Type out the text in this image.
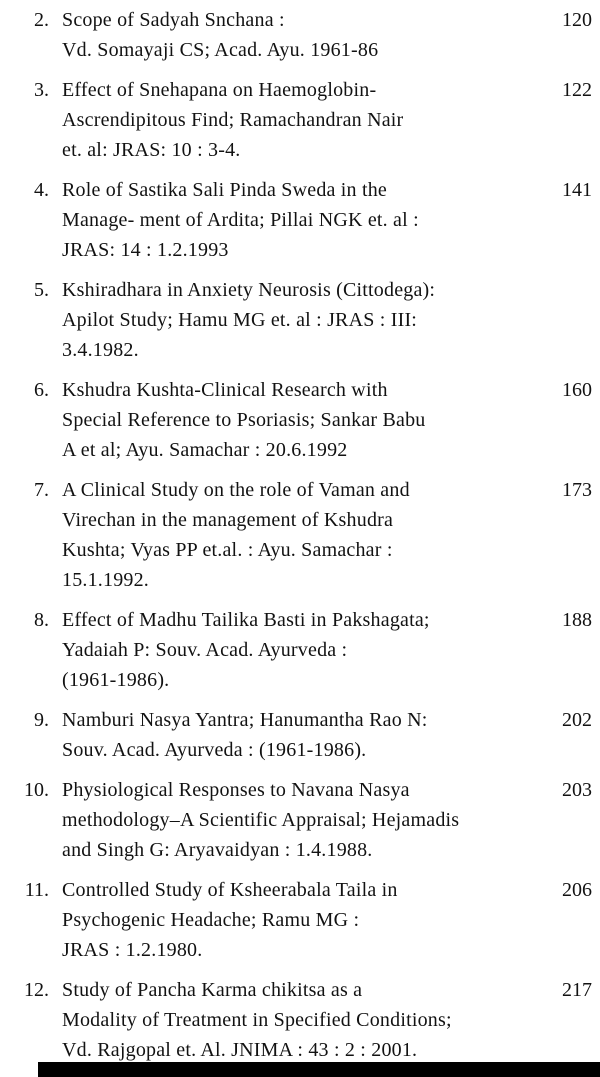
2. Scope of Sadyah Snchana :
Vd. Somayaji CS; Acad. Ayu. 1961-86
120
3. Effect of Snehapana on Haemoglobin-
Ascrendipitous Find; Ramachandran Nair
et. al: JRAS: 10 : 3-4.
122
4. Role of Sastika Sali Pinda Sweda in the
Manage- ment of Ardita; Pillai NGK et. al :
JRAS: 14 : 1.2.1993
141
5. Kshiradhara in Anxiety Neurosis (Cittodega):
Apilot Study; Hamu MG et. al : JRAS : III:
3.4.1982.
6. Kshudra Kushta-Clinical Research with
Special Reference to Psoriasis; Sankar Babu
A et al; Ayu. Samachar : 20.6.1992
160
7. A Clinical Study on the role of Vaman and
Virechan in the management of Kshudra
Kushta; Vyas PP et.al. : Ayu. Samachar :
15.1.1992.
173
8. Effect of Madhu Tailika Basti in Pakshagata;
Yadaiah P: Souv. Acad. Ayurveda :
(1961-1986).
188
9. Namburi Nasya Yantra; Hanumantha Rao N:
Souv. Acad. Ayurveda : (1961-1986).
202
10. Physiological Responses to Navana Nasya
methodology–A Scientific Appraisal; Hejamadis
and Singh G: Aryavaidyan : 1.4.1988.
203
11. Controlled Study of Ksheerabala Taila in
Psychogenic Headache; Ramu MG :
JRAS : 1.2.1980.
206
12. Study of Pancha Karma chikitsa as a
Modality of Treatment in Specified Conditions;
Vd. Rajgopal et. Al. JNIMA : 43 : 2 : 2001.
217
